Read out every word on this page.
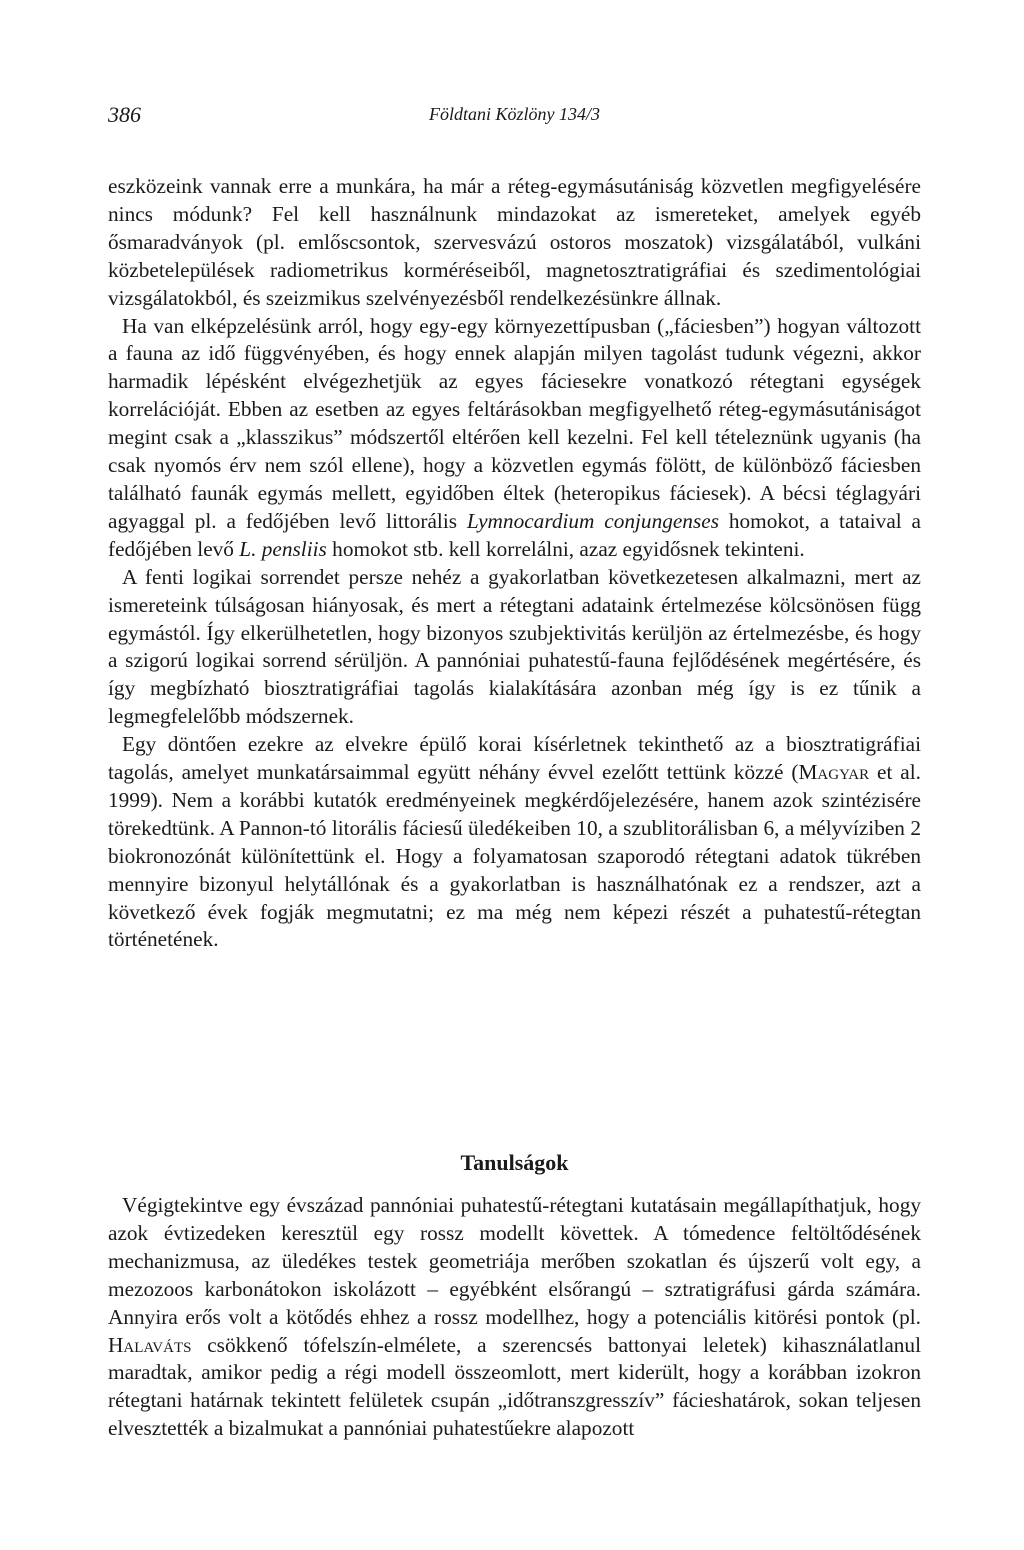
386	Földtani Közlöny 134/3

eszközeink vannak erre a munkára, ha már a réteg-egymásutániság közvetlen megfigyelésére nincs módunk? Fel kell használnunk mindazokat az ismereteket, amelyek egyéb ősmaradványok (pl. emlőscsontok, szervesvázú ostoros moszatok) vizsgálatából, vulkáni közbetelepülések radiometrikus korméréseiből, magnetosztratigráfiai és szedimentológiai vizsgálatokból, és szeizmikus szelvényezésből rendelkezésünkre állnak.

Ha van elképzelésünk arról, hogy egy-egy környezettípusban („fáciesben”) hogyan változott a fauna az idő függvényében, és hogy ennek alapján milyen tagolást tudunk végezni, akkor harmadik lépésként elvégezhetjük az egyes fáciesekre vonatkozó rétegtani egységek korrelációját. Ebben az esetben az egyes feltárásokban megfigyelhető réteg-egymásutániságot megint csak a „klasszikus” módszertől eltérően kell kezelni. Fel kell tételeznünk ugyanis (ha csak nyomós érv nem szól ellene), hogy a közvetlen egymás fölött, de különböző fáciesben található faunák egymás mellett, egyidőben éltek (heteropikus fáciesek). A bécsi téglagyári agyaggal pl. a fedőjében levő littorális Lymnocardium conjungenses homokot, a tataival a fedőjében levő L. pensliis homokot stb. kell korrelálni, azaz egyidősnek tekinteni.

A fenti logikai sorrendet persze nehéz a gyakorlatban következetesen alkalmazni, mert az ismereteink túlságosan hiányosak, és mert a rétegtani adataink értelmezése kölcsönösen függ egymástól. Így elkerülhetetlen, hogy bizonyos szubjektivitás kerüljön az értelmezésbe, és hogy a szigorú logikai sorrend sérüljön. A pannóniai puhatestű-fauna fejlődésének megértésére, és így megbízható biosztratigráfiai tagolás kialakítására azonban még így is ez tűnik a legmegfelelőbb módszernek.

Egy döntően ezekre az elvekre épülő korai kísérletnek tekinthető az a biosztratigráfiai tagolás, amelyet munkatársaimmal együtt néhány évvel ezelőtt tettünk közzé (Magyar et al. 1999). Nem a korábbi kutatók eredményeinek megkérdőjelezésére, hanem azok szintézisére törekedtünk. A Pannon-tó litorális fáciesű üledékeiben 10, a szublitorálisban 6, a mélyvíziben 2 biokronozónát különítettünk el. Hogy a folyamatosan szaporodó rétegtani adatok tükrében mennyire bizonyul helytállónak és a gyakorlatban is használhatónak ez a rendszer, azt a következő évek fogják megmutatni; ez ma még nem képezi részét a puhatestű-rétegtan történetének.

Tanulságok

Végigtekintve egy évszázad pannóniai puhatestű-rétegtani kutatásain megállapíthatjuk, hogy azok évtizedeken keresztül egy rossz modellt követtek. A tómedence feltöltődésének mechanizmusa, az üledékes testek geometriája merőben szokatlan és újszerű volt egy, a mezozoos karbonátokon iskolázott – egyébként elsőrangú – sztratigráfusi gárda számára. Annyira erős volt a kötődés ehhez a rossz modellhez, hogy a potenciális kitörési pontok (pl. Halaváts csökkenő tófelszín-elmélete, a szerencsés battonyai leletek) kihasználatlanul maradtak, amikor pedig a régi modell összeomlott, mert kiderült, hogy a korábban izokron rétegtani határnak tekintett felületek csupán „időtranszgresszív” fácieshatárok, sokan teljesen elvesztették a bizalmukat a pannóniai puhatestűekre alapozott
